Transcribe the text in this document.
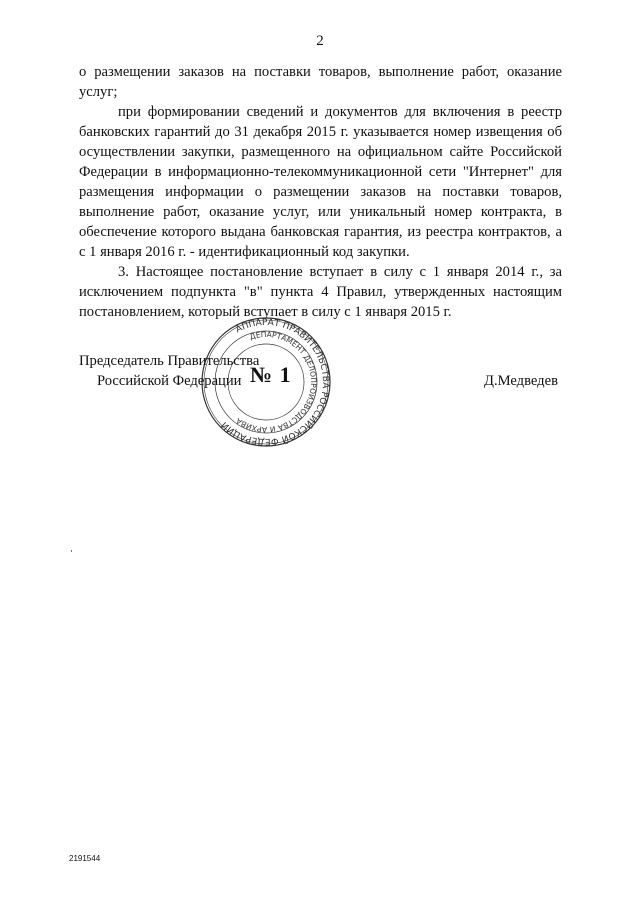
2

о размещении заказов на поставки товаров, выполнение работ, оказание услуг;

при формировании сведений и документов для включения в реестр банковских гарантий до 31 декабря 2015 г. указывается номер извещения об осуществлении закупки, размещенного на официальном сайте Российской Федерации в информационно-телекоммуникационной сети "Интернет" для размещения информации о размещении заказов на поставки товаров, выполнение работ, оказание услуг, или уникальный номер контракта, в обеспечение которого выдана банковская гарантия, из реестра контрактов, а с 1 января 2016 г. - идентификационный код закупки.

3. Настоящее постановление вступает в силу с 1 января 2014 г., за исключением подпункта "в" пункта 4 Правил, утвержденных настоящим постановлением, который вступает в силу с 1 января 2015 г.

АППАРАТ ПРАВИТЕЛЬСТВА РОССИЙСКОЙ ФЕДЕРАЦИИ
ДЕПАРТАМЕНТ ДЕЛОПРОИЗВОДСТВА И АРХИВА
Председатель Правительства
Российской Федерации № 1	Д.Медведев
2191544
